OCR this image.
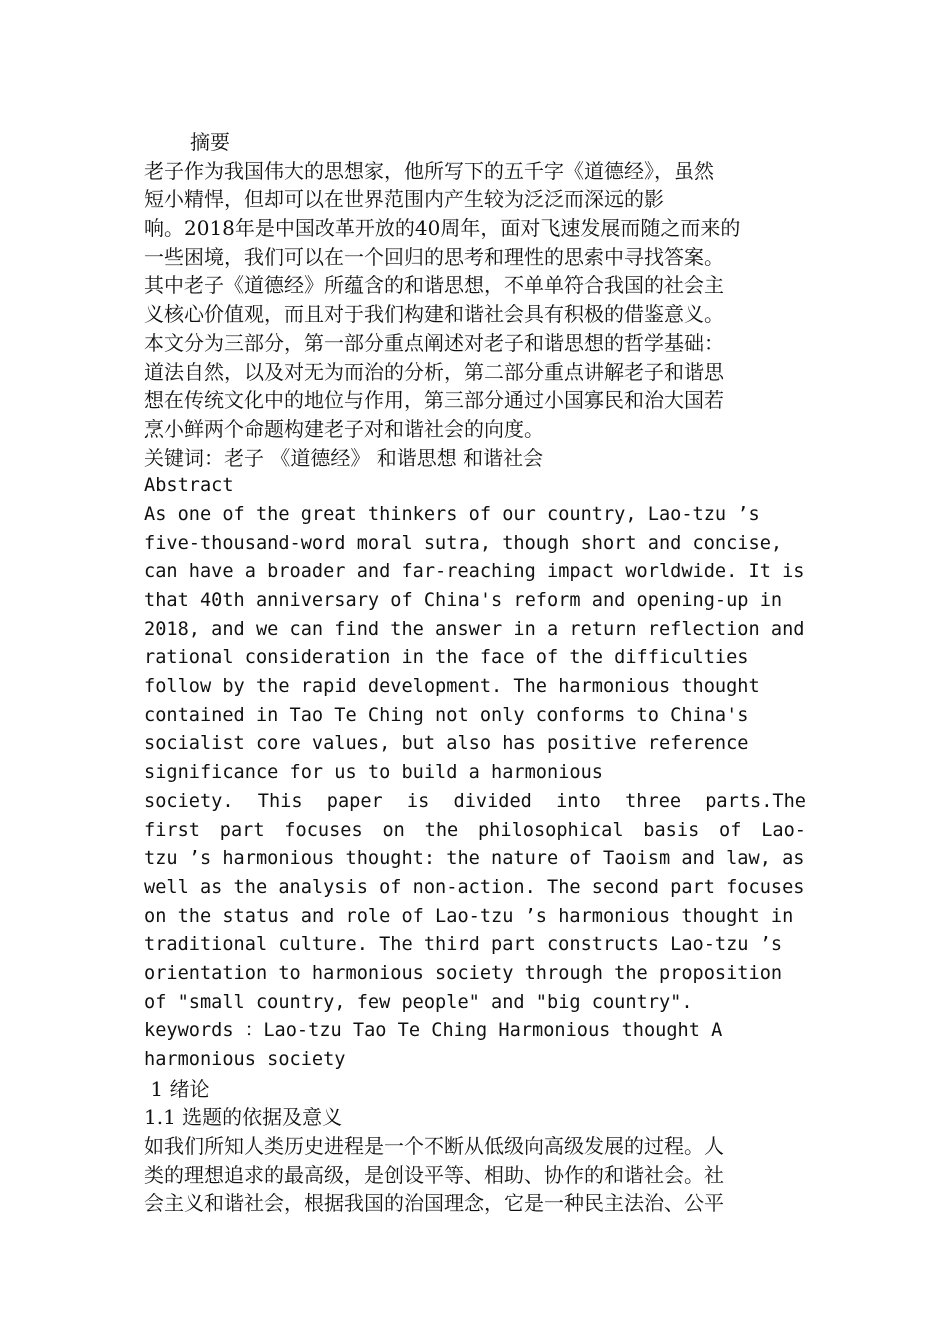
摘要
老子作为我国伟大的思想家，他所写下的五千字《道德经》，虽然
短小精悍，但却可以在世界范围内产生较为泛泛而深远的影
响。2018年是中国改革开放的40周年，面对飞速发展而随之而来的
一些困境，我们可以在一个回归的思考和理性的思索中寻找答案。
其中老子《道德经》所蕴含的和谐思想，不单单符合我国的社会主
义核心价值观，而且对于我们构建和谐社会具有积极的借鉴意义。
本文分为三部分，第一部分重点阐述对老子和谐思想的哲学基础：
道法自然，以及对无为而治的分析，第二部分重点讲解老子和谐思
想在传统文化中的地位与作用，第三部分通过小国寡民和治大国若
烹小鲜两个命题构建老子对和谐社会的向度。
关键词：老子 《道德经》 和谐思想 和谐社会
Abstract
As one of the great thinkers of our country, Lao-tzu ’s
five-thousand-word moral sutra, though short and concise,
can have a broader and far-reaching impact worldwide. It is
that 40th anniversary of China's reform and opening-up in
2018, and we can find the answer in a return reflection and
rational consideration in the face of the difficulties
follow by the rapid development. The harmonious thought
contained in Tao Te Ching not only conforms to China's
socialist core values, but also has positive reference
significance for us to build a harmonious
society. This paper is divided into three parts.The
first part focuses on the philosophical basis of Lao-
tzu ’s harmonious thought: the nature of Taoism and law, as
well as the analysis of non-action. The second part focuses
on the status and role of Lao-tzu ’s harmonious thought in
traditional culture. The third part constructs Lao-tzu ’s
orientation to harmonious society through the proposition
of "small country, few people" and "big country".
keywords ：Lao-tzu Tao Te Ching Harmonious thought A
harmonious society
1 绪论
1.1 选题的依据及意义
如我们所知人类历史进程是一个不断从低级向高级发展的过程。人
类的理想追求的最高级，是创设平等、相助、协作的和谐社会。社
会主义和谐社会，根据我国的治国理念，它是一种民主法治、公平
